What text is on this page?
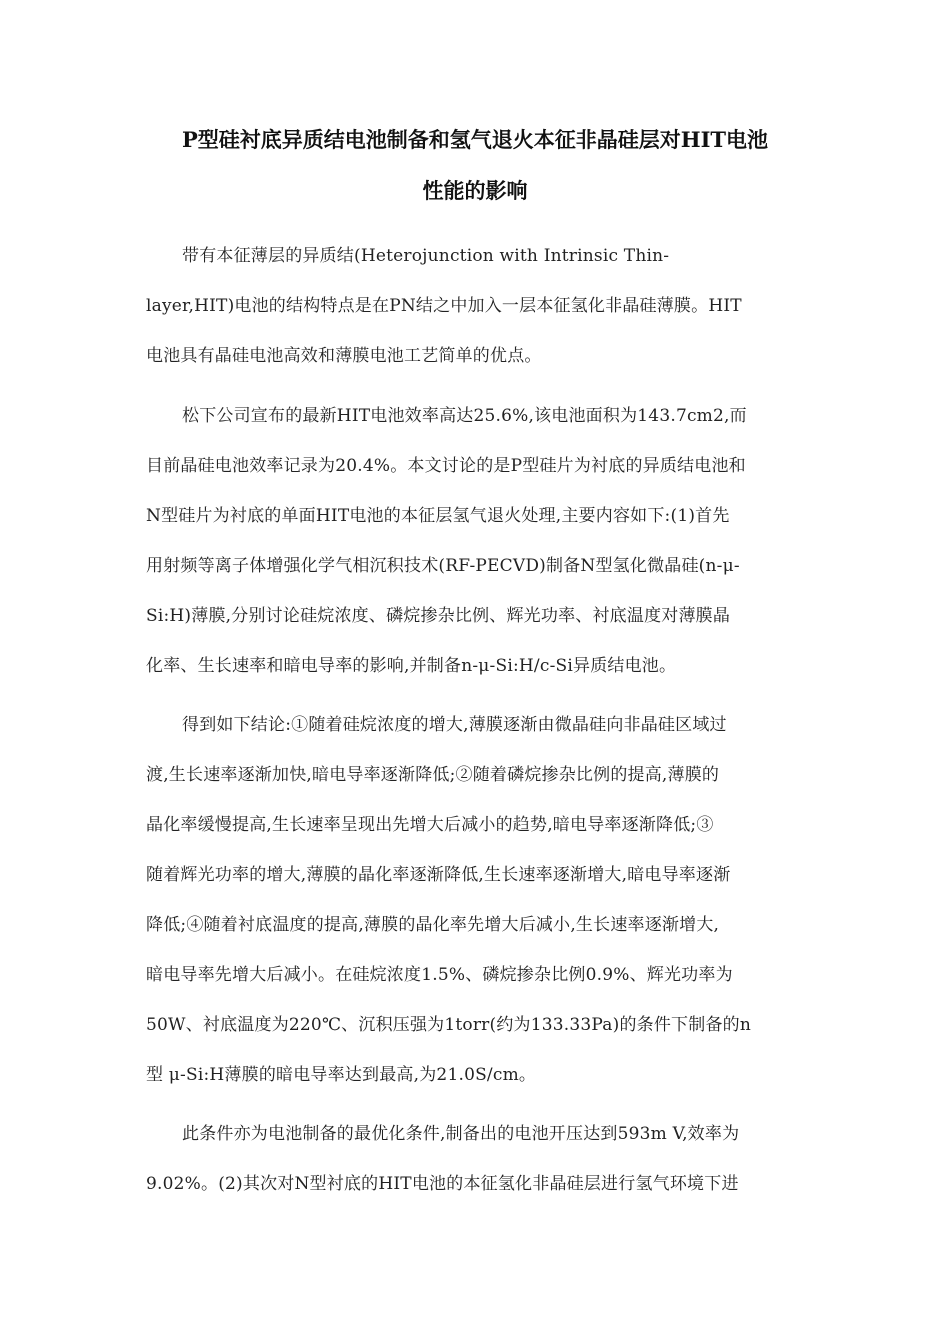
P型硅衬底异质结电池制备和氢气退火本征非晶硅层对HIT电池
性能的影响
带有本征薄层的异质结(Heterojunction with Intrinsic Thin-
layer,HIT)电池的结构特点是在PN结之中加入一层本征氢化非晶硅薄膜。HIT
电池具有晶硅电池高效和薄膜电池工艺简单的优点。
松下公司宣布的最新HIT电池效率高达25.6%,该电池面积为143.7cm2,而
目前晶硅电池效率记录为20.4%。本文讨论的是P型硅片为衬底的异质结电池和
N型硅片为衬底的单面HIT电池的本征层氢气退火处理,主要内容如下:(1)首先
用射频等离子体增强化学气相沉积技术(RF-PECVD)制备N型氢化微晶硅(n-μ-
Si:H)薄膜,分别讨论硅烷浓度、磷烷掺杂比例、辉光功率、衬底温度对薄膜晶
化率、生长速率和暗电导率的影响,并制备n-μ-Si:H/c-Si异质结电池。
得到如下结论:①随着硅烷浓度的增大,薄膜逐渐由微晶硅向非晶硅区域过
渡,生长速率逐渐加快,暗电导率逐渐降低;②随着磷烷掺杂比例的提高,薄膜的
晶化率缓慢提高,生长速率呈现出先增大后减小的趋势,暗电导率逐渐降低;③
随着辉光功率的增大,薄膜的晶化率逐渐降低,生长速率逐渐增大,暗电导率逐渐
降低;④随着衬底温度的提高,薄膜的晶化率先增大后减小,生长速率逐渐增大,
暗电导率先增大后减小。在硅烷浓度1.5%、磷烷掺杂比例0.9%、辉光功率为
50W、衬底温度为220℃、沉积压强为1torr(约为133.33Pa)的条件下制备的n
型 μ-Si:H薄膜的暗电导率达到最高,为21.0S/cm。
此条件亦为电池制备的最优化条件,制备出的电池开压达到593m V,效率为
9.02%。(2)其次对N型衬底的HIT电池的本征氢化非晶硅层进行氢气环境下进
